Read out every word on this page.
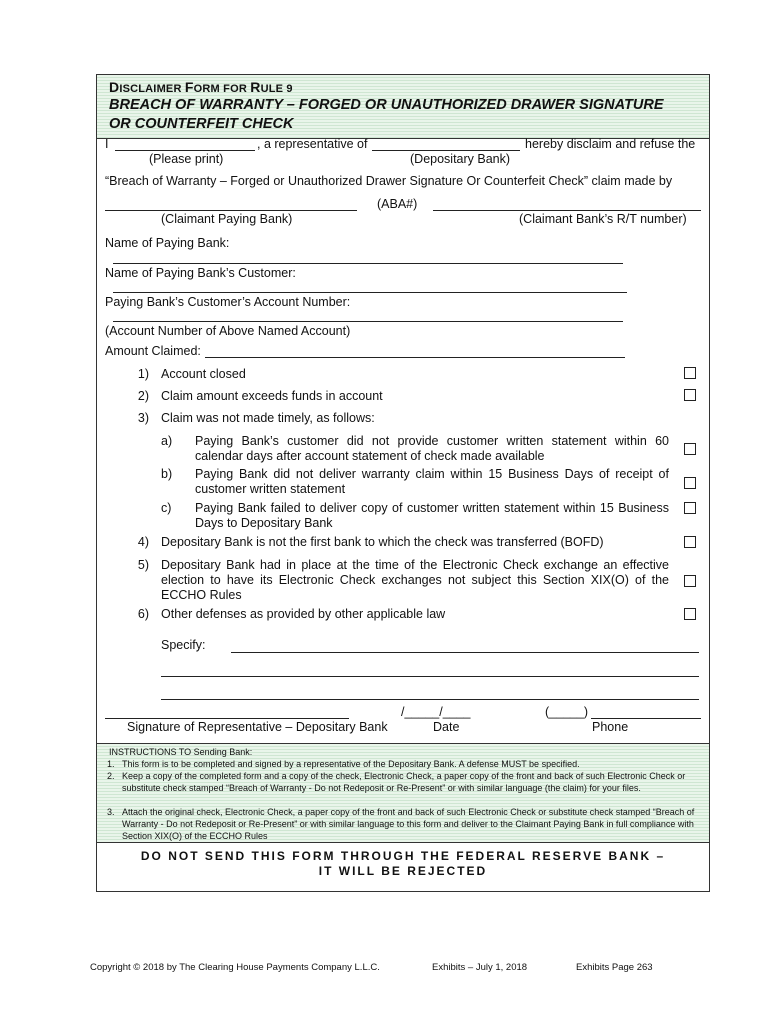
DISCLAIMER FORM FOR RULE 9
BREACH OF WARRANTY – FORGED OR UNAUTHORIZED DRAWER SIGNATURE
OR COUNTERFEIT CHECK
I	, a representative of	hereby disclaim and refuse the
(Please print)	(Depositary Bank)
“Breach of Warranty – Forged or Unauthorized Drawer Signature Or Counterfeit Check” claim made by
(ABA#)
(Claimant Paying Bank)	(Claimant Bank’s R/T number)
Name of Paying Bank:
Name of Paying Bank’s Customer:
Paying Bank’s Customer’s Account Number:
(Account Number of Above Named Account)
Amount Claimed:
1) Account closed
2) Claim amount exceeds funds in account
3) Claim was not made timely, as follows:
a) Paying Bank’s customer did not provide customer written statement within 60 calendar days after account statement of check made available
b) Paying Bank did not deliver warranty claim within 15 Business Days of receipt of customer written statement
c) Paying Bank failed to deliver copy of customer written statement within 15 Business Days to Depositary Bank
4) Depositary Bank is not the first bank to which the check was transferred (BOFD)
5) Depositary Bank had in place at the time of the Electronic Check exchange an effective election to have its Electronic Check exchanges not subject this Section XIX(O) of the ECCHO Rules
6) Other defenses as provided by other applicable law
Specify:
/_____/____	(_____)
Signature of Representative – Depositary Bank	Date	Phone
INSTRUCTIONS TO Sending Bank:
1. This form is to be completed and signed by a representative of the Depositary Bank. A defense MUST be specified.
2. Keep a copy of the completed form and a copy of the check, Electronic Check, a paper copy of the front and back of such Electronic Check or substitute check stamped “Breach of Warranty - Do not Redeposit or Re-Present” or with similar language (the claim) for your files.
3. Attach the original check, Electronic Check, a paper copy of the front and back of such Electronic Check or substitute check stamped “Breach of Warranty - Do not Redeposit or Re-Present” or with similar language to this form and deliver to the Claimant Paying Bank in full compliance with Section XIX(O) of the ECCHO Rules
DO NOT SEND THIS FORM THROUGH THE FEDERAL RESERVE BANK –
IT WILL BE REJECTED
Copyright © 2018 by The Clearing House Payments Company L.L.C.	Exhibits – July 1, 2018	Exhibits Page 263
